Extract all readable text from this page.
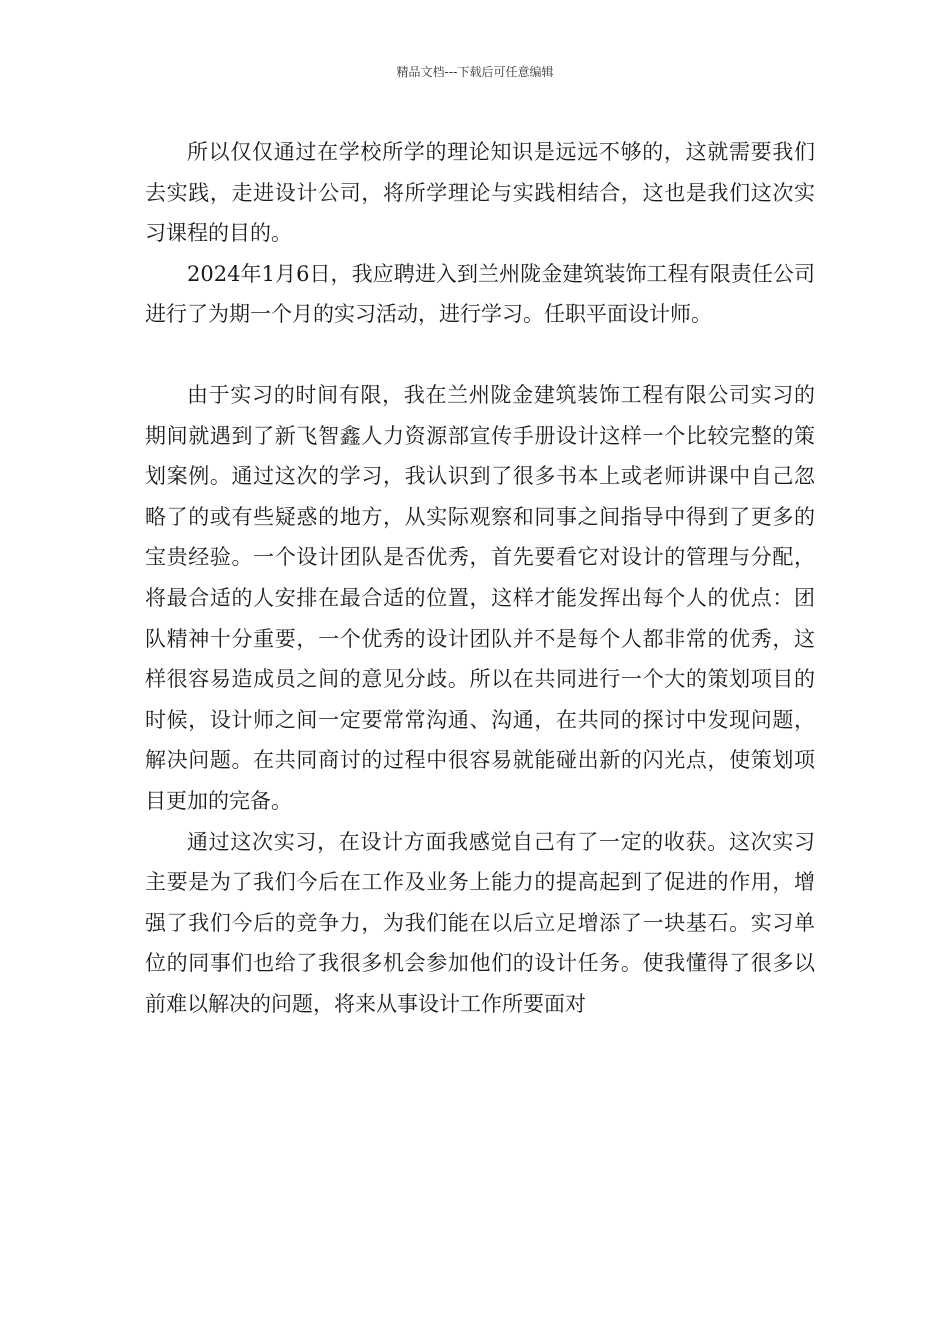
精品文档---下载后可任意编辑

所以仅仅通过在学校所学的理论知识是远远不够的，这就需要我们去实践，走进设计公司，将所学理论与实践相结合，这也是我们这次实习课程的目的。

2024年1月6日，我应聘进入到兰州陇金建筑装饰工程有限责任公司进行了为期一个月的实习活动，进行学习。任职平面设计师。

由于实习的时间有限，我在兰州陇金建筑装饰工程有限公司实习的期间就遇到了新飞智鑫人力资源部宣传手册设计这样一个比较完整的策划案例。通过这次的学习，我认识到了很多书本上或老师讲课中自己忽略了的或有些疑惑的地方，从实际观察和同事之间指导中得到了更多的宝贵经验。一个设计团队是否优秀，首先要看它对设计的管理与分配，将最合适的人安排在最合适的位置，这样才能发挥出每个人的优点：团队精神十分重要，一个优秀的设计团队并不是每个人都非常的优秀，这样很容易造成员之间的意见分歧。所以在共同进行一个大的策划项目的时候，设计师之间一定要常常沟通、沟通，在共同的探讨中发现问题，解决问题。在共同商讨的过程中很容易就能碰出新的闪光点，使策划项目更加的完备。

通过这次实习，在设计方面我感觉自己有了一定的收获。这次实习主要是为了我们今后在工作及业务上能力的提高起到了促进的作用，增强了我们今后的竞争力，为我们能在以后立足增添了一块基石。实习单位的同事们也给了我很多机会参加他们的设计任务。使我懂得了很多以前难以解决的问题，将来从事设计工作所要面对
